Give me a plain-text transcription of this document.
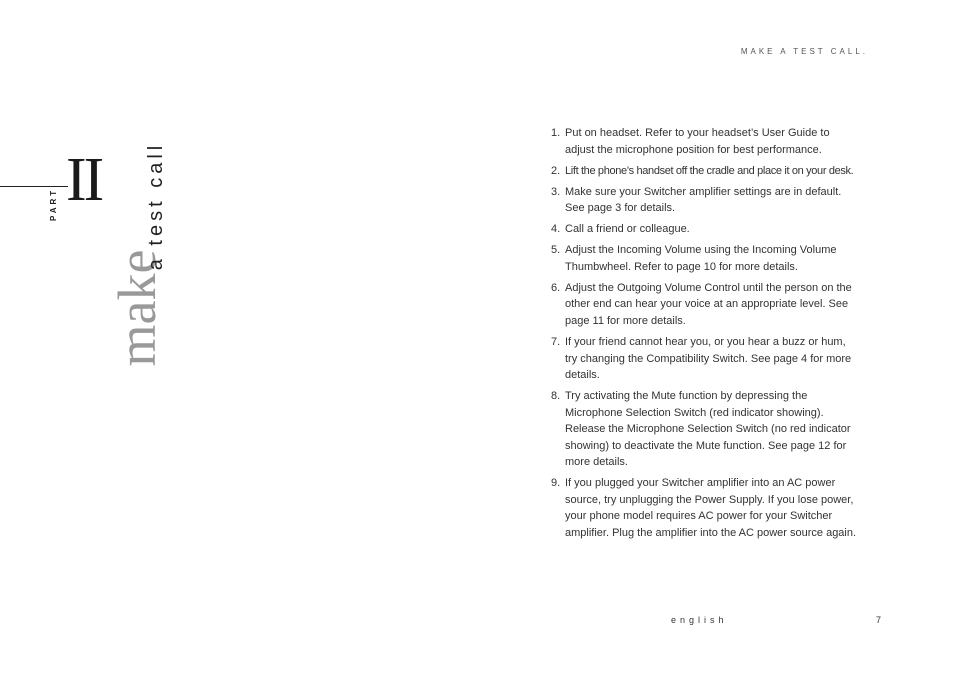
MAKE A TEST CALL.
PART II
make
a test call
1. Put on headset. Refer to your headset’s User Guide to adjust the microphone position for best performance.
2. Lift the phone’s handset off the cradle and place it on your desk.
3. Make sure your Switcher amplifier settings are in default. See page 3 for details.
4. Call a friend or colleague.
5. Adjust the Incoming Volume using the Incoming Volume Thumbwheel. Refer to page 10 for more details.
6. Adjust the Outgoing Volume Control until the person on the other end can hear your voice at an appropriate level. See page 11 for more details.
7. If your friend cannot hear you, or you hear a buzz or hum, try changing the Compatibility Switch. See page 4 for more details.
8. Try activating the Mute function by depressing the Microphone Selection Switch (red indicator showing). Release the Microphone Selection Switch (no red indicator showing) to deactivate the Mute function. See page 12 for more details.
9. If you plugged your Switcher amplifier into an AC power source, try unplugging the Power Supply. If you lose power, your phone model requires AC power for your Switcher amplifier. Plug the amplifier into the AC power source again.
english	7
